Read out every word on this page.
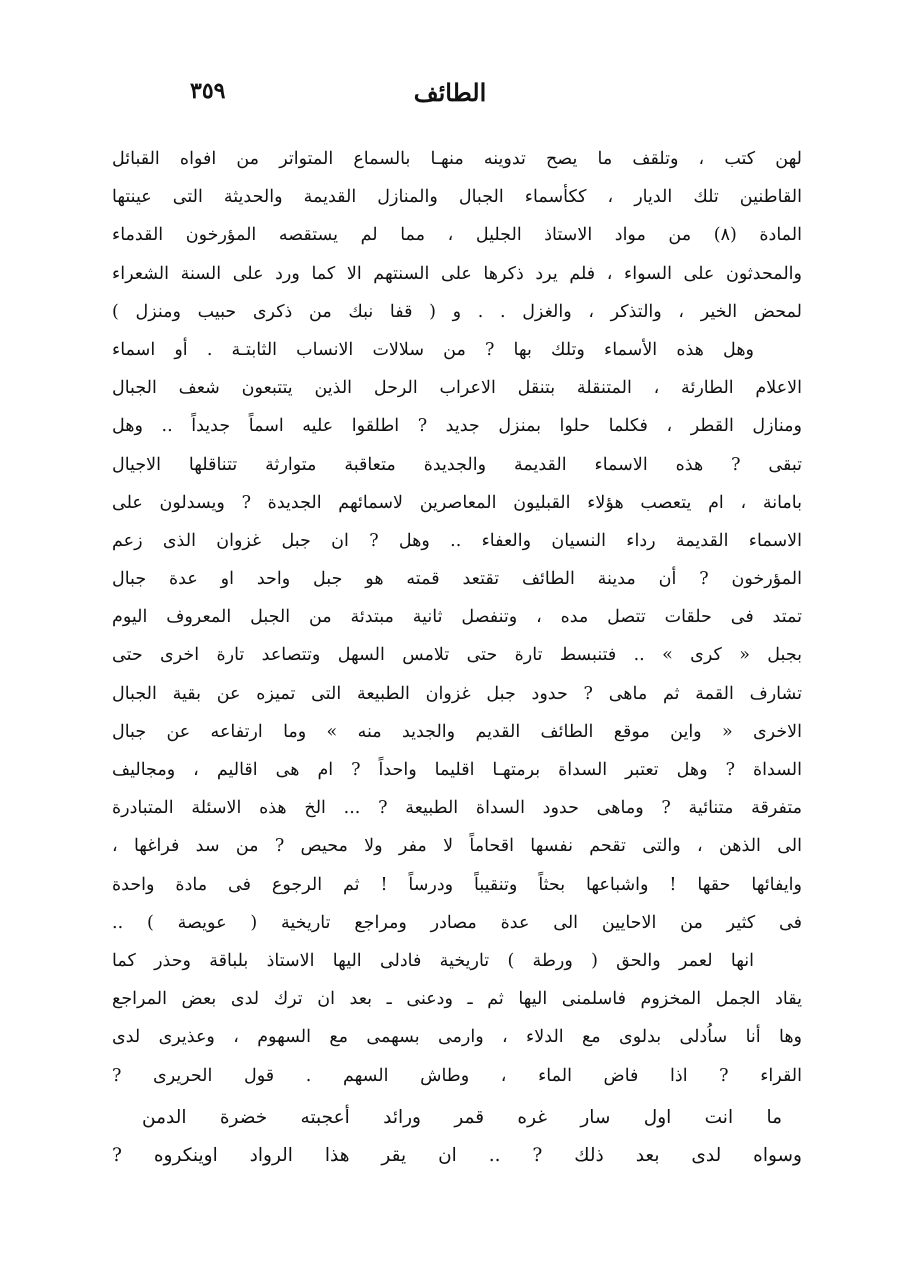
٣٥٩	الطائف
لهن كتب ، وتلقف ما يصح تدوينه منهـا بالسماع المتواتر من افواه القبائل
القاطنين تلك الديار ، ككأسماء الجبال والمنازل القديمة والحديثة التى عينتها
المادة (٨) من مواد الاستاذ الجليل ، مما لم يستقصه المؤرخون القدماء
والمحدثون على السواء ، فلم يرد ذكرها على السنتهم الا كما ورد على السنة الشعراء
لمحض الخير ، والتذكر ، والغزل . . و ( قفا نبك من ذكرى حبيب ومنزل )
وهل هذه الأسماء وتلك بها ? من سلالات الانساب الثابتـة . أو اسماء
الاعلام الطارئة ، المتنقلة بتنقل الاعراب الرحل الذين يتتبعون شعف الجبال
ومنازل القطر ، فكلما حلوا بمنزل جديد ? اطلقوا عليه اسماً جديداً .. وهل
تبقى ? هذه الاسماء القديمة والجديدة متعاقبة متوارثة تتناقلها الاجيال
بامانة ، ام يتعصب هؤلاء القبليون المعاصرين لاسمائهم الجديدة ? ويسدلون على
الاسماء القديمة رداء النسيان والعفاء .. وهل ? ان جبل غزوان الذى زعم
المؤرخون ? أن مدينة الطائف تقتعد قمته هو جبل واحد او عدة جبال
تمتد فى حلقات تتصل مده ، وتنفصل ثانية مبتدئة من الجبل المعروف اليوم
بجبل « كرى » .. فتنبسط تارة حتى تلامس السهل وتتصاعد تارة اخرى حتى
تشارف القمة ثم ماهى ? حدود جبل غزوان الطبيعة التى تميزه عن بقية الجبال
الاخرى « واين موقع الطائف القديم والجديد منه » وما ارتفاعه عن جبال
السداة ? وهل تعتبر السداة برمتهـا اقليما واحداً ? ام هى اقاليم ، ومجاليف
متفرقة متنائية ? وماهى حدود السداة الطبيعة ? ... الخ هذه الاسئلة المتبادرة
الى الذهن ، والتى تقحم نفسها اقحاماً لا مفر ولا محيص ? من سد فراغها ،
وايفائها حقها ! واشباعها بحثاً وتنقيباً ودرساً ! ثم الرجوع فى مادة واحدة
فى كثير من الاحايين الى عدة مصادر ومراجع تاريخية ( عويصة ) ..
انها لعمر والحق ( ورطة ) تاريخية فادلى اليها الاستاذ بلباقة وحذر كما
يقاد الجمل المخزوم فاسلمنى اليها ثم ـ ودعنى ـ بعد ان ترك لدى بعض المراجع
وها أنا ساُدلى بدلوى مع الدلاء ، وارمى بسهمى مع السهوم ، وعذيرى لدى
القراء ? اذا فاض الماء ، وطاش السهم . قول الحريرى ?
ما انت اول سار غره قمر ورائد أعجبته خضرة الدمن
وسواه لدى بعد ذلك ? .. ان يقر هذا الرواد اوينكروه ?
